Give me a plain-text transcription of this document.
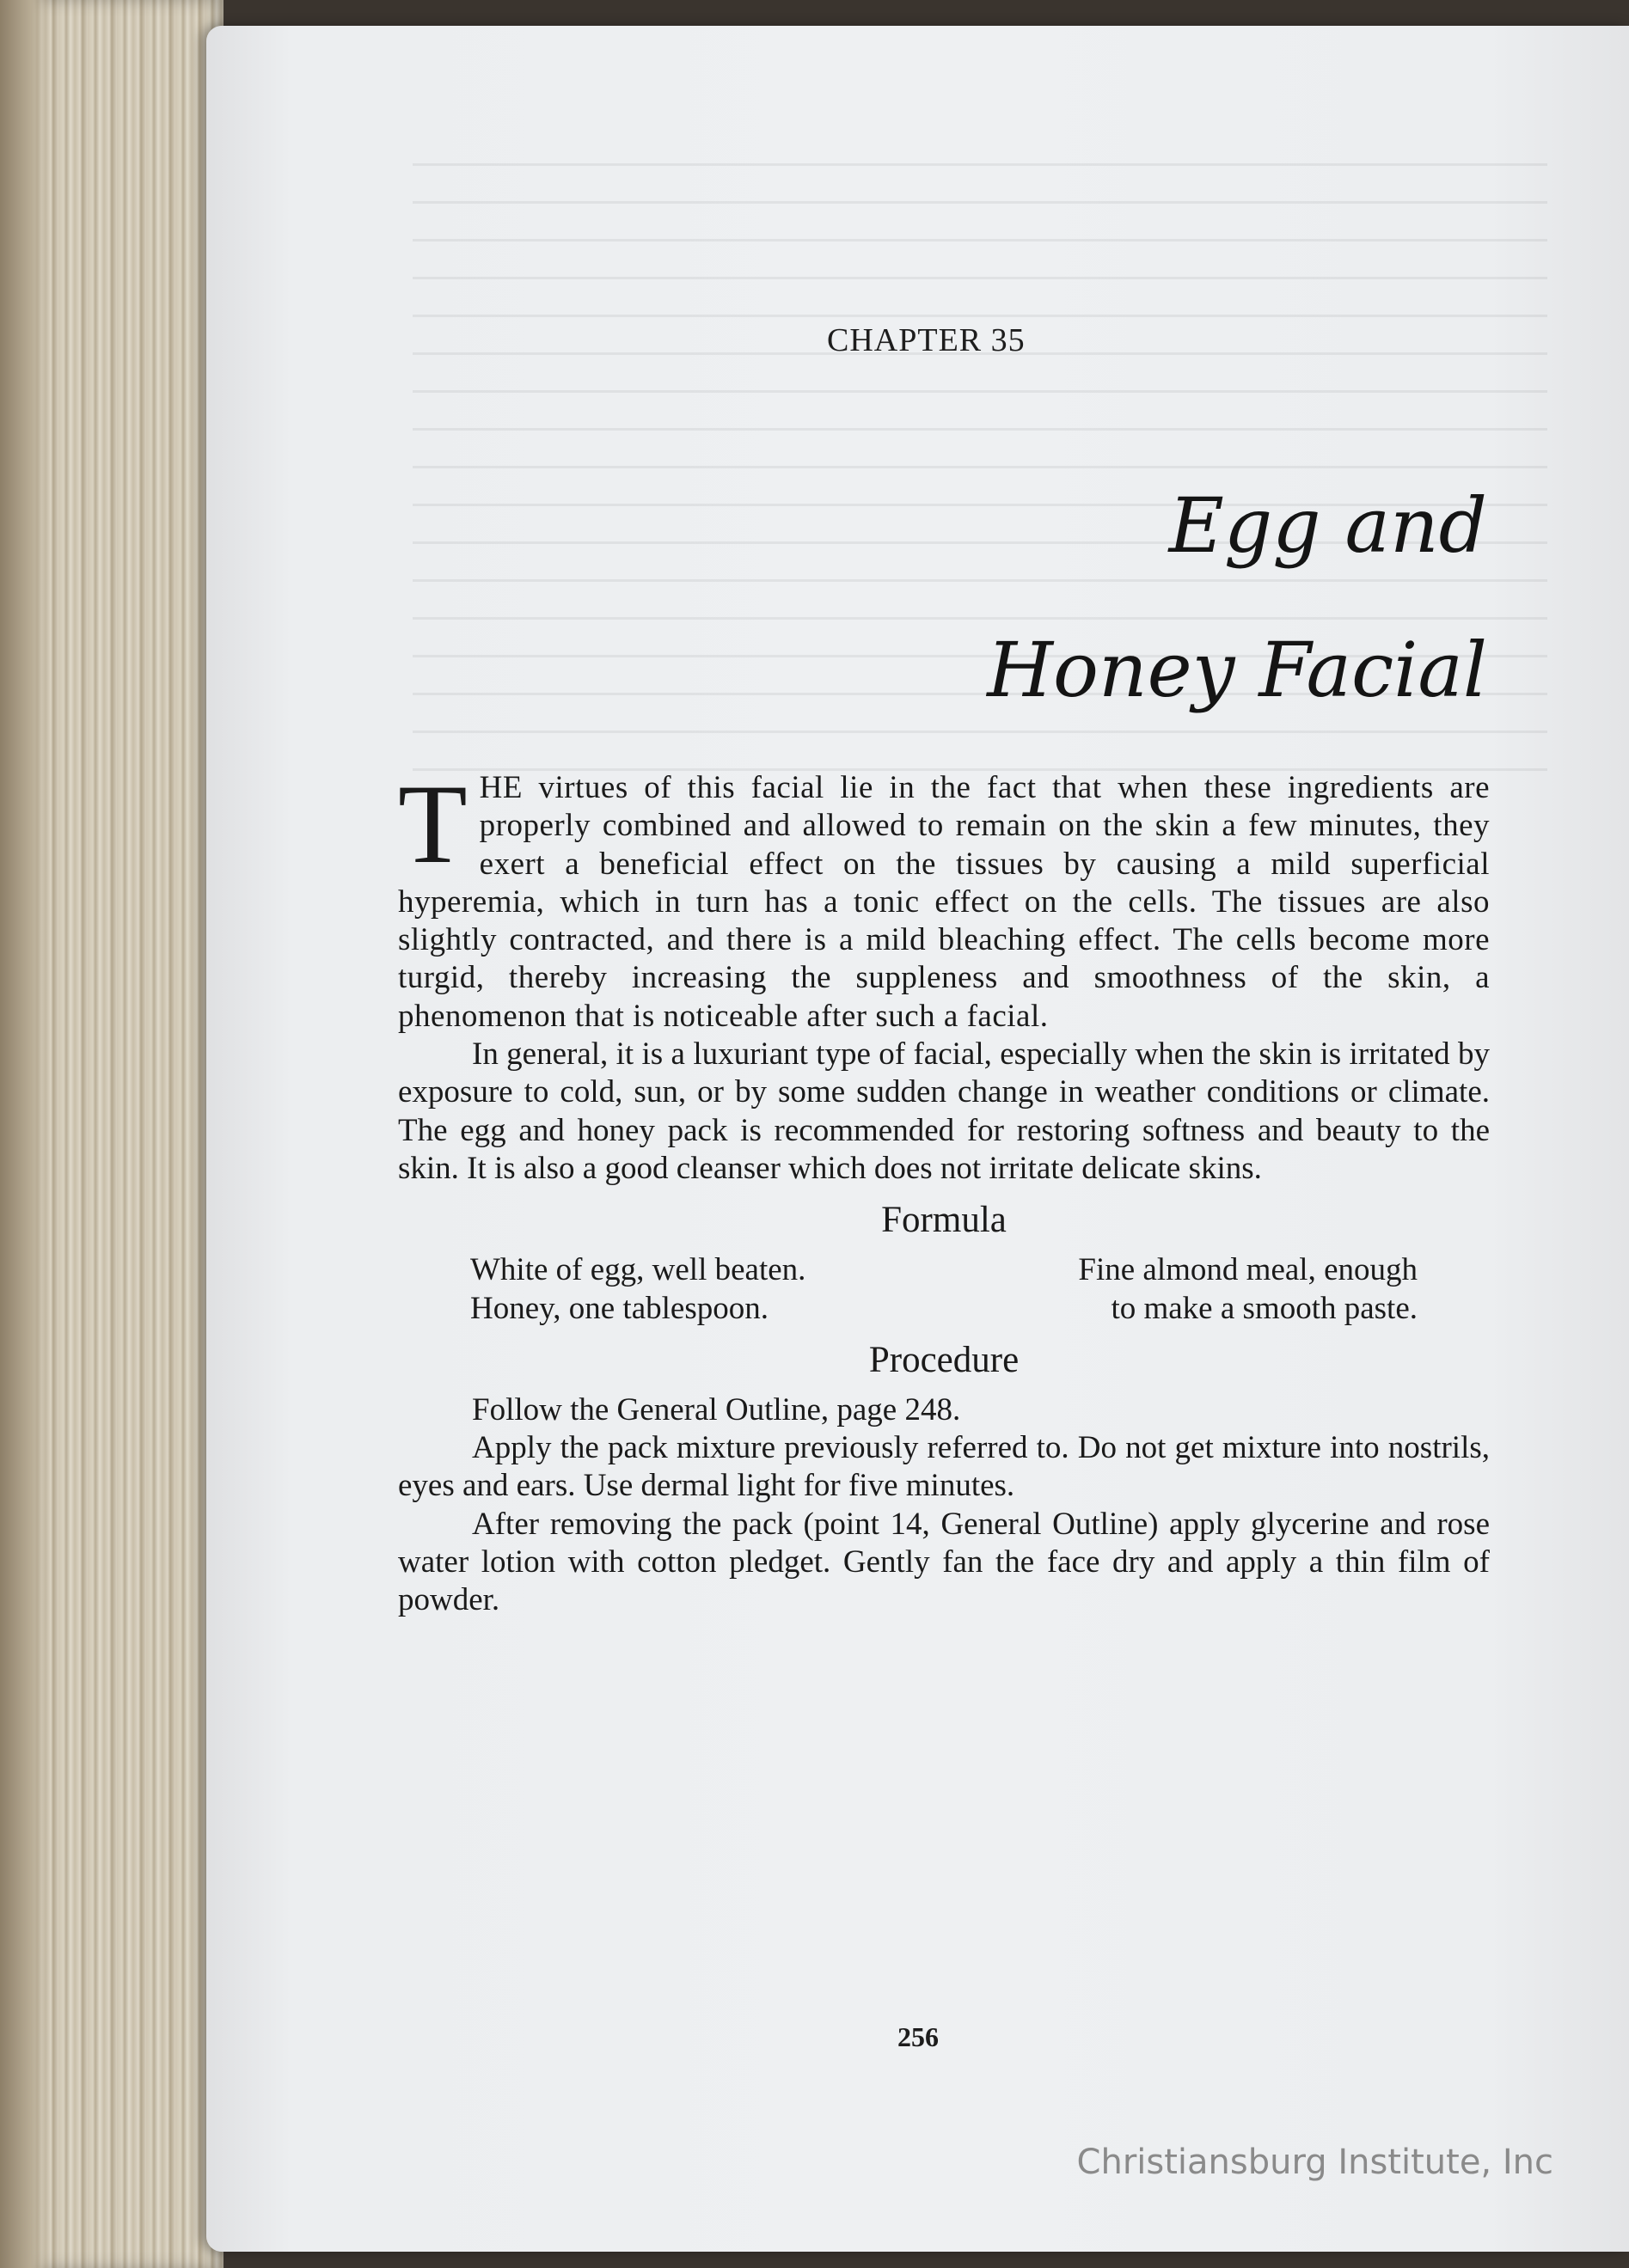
CHAPTER 35
Egg and
Honey Facial

THE virtues of this facial lie in the fact that when these ingredients are properly combined and allowed to remain on the skin a few minutes, they exert a beneficial effect on the tissues by causing a mild superficial hyperemia, which in turn has a tonic effect on the cells. The tissues are also slightly contracted, and there is a mild bleaching effect. The cells become more turgid, thereby increasing the suppleness and smoothness of the skin, a phenomenon that is noticeable after such a facial.

In general, it is a luxuriant type of facial, especially when the skin is irritated by exposure to cold, sun, or by some sudden change in weather conditions or climate. The egg and honey pack is recommended for restoring softness and beauty to the skin. It is also a good cleanser which does not irritate delicate skins.

Formula
White of egg, well beaten.
Honey, one tablespoon.
Fine almond meal, enough
to make a smooth paste.
Procedure

Follow the General Outline, page 248.

Apply the pack mixture previously referred to. Do not get mixture into nostrils, eyes and ears. Use dermal light for five minutes.

After removing the pack (point 14, General Outline) apply glycerine and rose water lotion with cotton pledget. Gently fan the face dry and apply a thin film of powder.

256
Christiansburg Institute, Inc
